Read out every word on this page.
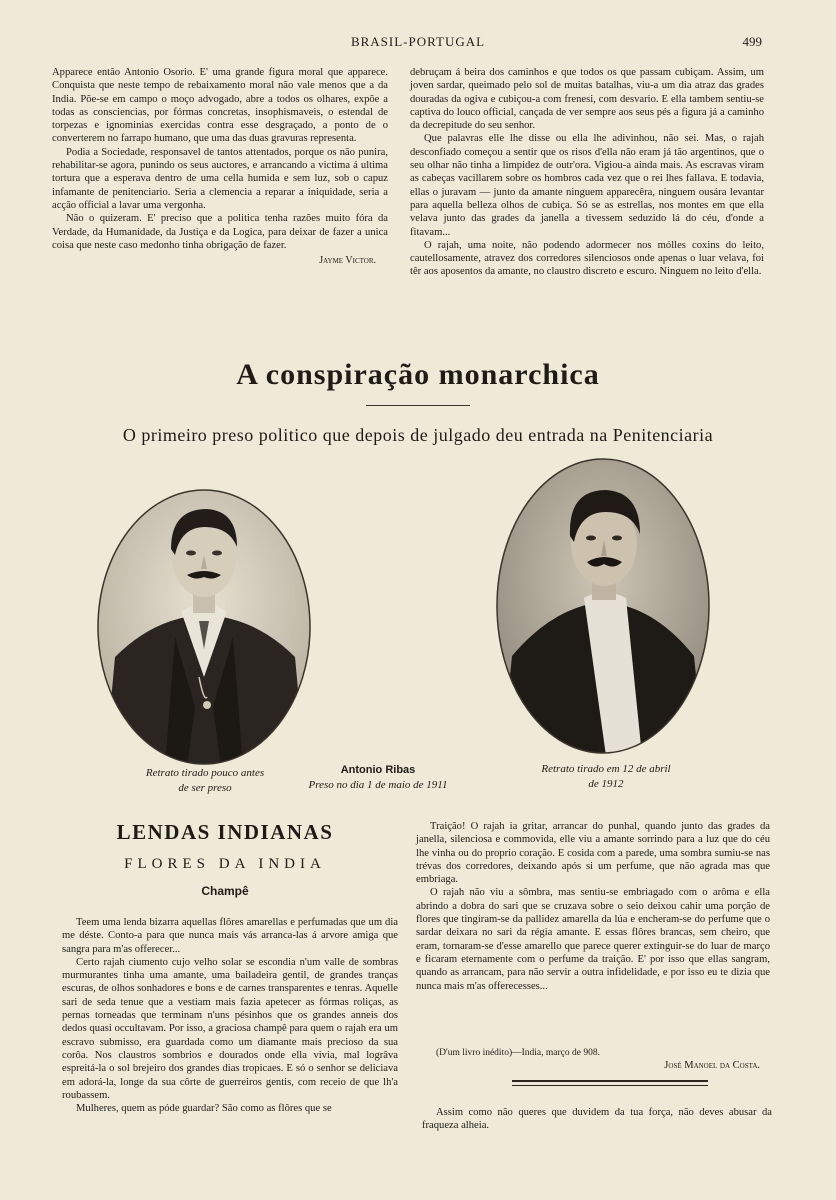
BRASIL-PORTUGAL	499

Apparece então Antonio Osorio. E' uma grande figura moral que apparece. Conquista que neste tempo de rebaixamento moral não vale menos que a da India. Põe-se em campo o moço advogado, abre a todos os olhares, expõe a todas as consciencias, por fórmas concretas, insophismaveis, o estendal de torpezas e ignominias exercidas contra esse desgraçado, a ponto de o converterem no farrapo humano, que uma das duas gravuras representa.

Podia a Sociedade, responsavel de tantos attentados, porque os não punira, rehabilitar-se agora, punindo os seus auctores, e arrancando a victima á ultima tortura que a esperava dentro de uma cella humida e sem luz, sob o capuz infamante de penitenciario. Seria a clemencia a reparar a iniquidade, seria a acção official a lavar uma vergonha.

Não o quizeram. E' preciso que a politica tenha razões muito fóra da Verdade, da Humanidade, da Justiça e da Logica, para deixar de fazer a unica coisa que neste caso medonho tinha obrigação de fazer.

Jayme Victor.

debruçam á beira dos caminhos e que todos os que passam cubiçam. Assim, um joven sardar, queimado pelo sol de muitas batalhas, viu-a um dia atraz das grades douradas da ogiva e cubiçou-a com frenesi, com desvario. E ella tambem sentiu-se captiva do louco official, cançada de ver sempre aos seus pés a figura já a caminho da decrepitude do seu senhor.

Que palavras elle lhe disse ou ella lhe adivinhou, não sei. Mas, o rajah desconfiado começou a sentir que os risos d'ella não eram já tão argentinos, que o seu olhar não tinha a limpidez de outr'ora. Vigiou-a ainda mais. As escravas viram as cabeças vacillarem sobre os hombros cada vez que o rei lhes fallava. E todavia, ellas o juravam — junto da amante ninguem apparecêra, ninguem ousára levantar para aquella belleza olhos de cubiça. Só se as estrellas, nos montes em que ella velava junto das grades da janella a tivessem seduzido lá do céu, d'onde a fitavam...

O rajah, uma noite, não podendo adormecer nos mólles coxins do leito, cautellosamente, atravez dos corredores silenciosos onde apenas o luar velava, foi têr aos aposentos da amante, no claustro discreto e escuro. Ninguem no leito d'ella.

A conspiração monarchica
O primeiro preso politico que depois de julgado deu entrada na Penitenciaria
Retrato tirado pouco antes
de ser preso
Antonio Ribas
Preso no dia 1 de maio de 1911
Retrato tirado em 12 de abril
de 1912
LENDAS INDIANAS
FLORES DA INDIA
Champê

Teem uma lenda bizarra aquellas flôres amarellas e perfumadas que um dia me déste. Conto-a para que nunca mais vás arranca-las á arvore amiga que sangra para m'as offerecer...

Certo rajah ciumento cujo velho solar se escondia n'um valle de sombras murmurantes tinha uma amante, uma bailadeira gentil, de grandes tranças escuras, de olhos sonhadores e bons e de carnes transparentes e tenras. Aquelle sari de seda tenue que a vestiam mais fazia apetecer as fórmas roliças, as pernas torneadas que terminam n'uns pésinhos que os grandes anneis dos dedos quasi occultavam. Por isso, a graciosa champê para quem o rajah era um escravo submisso, era guardada como um diamante mais precioso da sua corôa. Nos claustros sombrios e dourados onde ella vivia, mal logrâva espreitá-la o sol brejeiro dos grandes dias tropicaes. E só o senhor se deliciava em adorá-la, longe da sua côrte de guerreiros gentis, com receio de que lh'a roubassem.

Mulheres, quem as póde guardar? São como as flôres que se

Traição! O rajah ia gritar, arrancar do punhal, quando junto das grades da janella, silenciosa e commovida, elle viu a amante sorrindo para a luz que do céu lhe vinha ou do proprio coração. E cosida com a parede, uma sombra sumiu-se nas trévas dos corredores, deixando após si um perfume, que não agrada mas que embriaga.

O rajah não viu a sômbra, mas sentiu-se embriagado com o arôma e ella abrindo a dobra do sari que se cruzava sobre o seio deixou cahir uma porção de flores que tingiram-se da pallidez amarella da lúa e encheram-se do perfume que o sardar deixara no sari da régia amante. E essas flôres brancas, sem cheiro, que eram, tornaram-se d'esse amarello que parece querer extinguir-se do luar de março e ficaram eternamente com o perfume da traição. E' por isso que ellas sangram, quando as arrancam, para não servir a outra infidelidade, e por isso eu te dizia que nunca mais m'as offerecesses...

(D'um livro inédito)—India, março de 908.
José Manoel da Costa.

Assim como não queres que duvidem da tua força, não deves abusar da fraqueza alheia.
